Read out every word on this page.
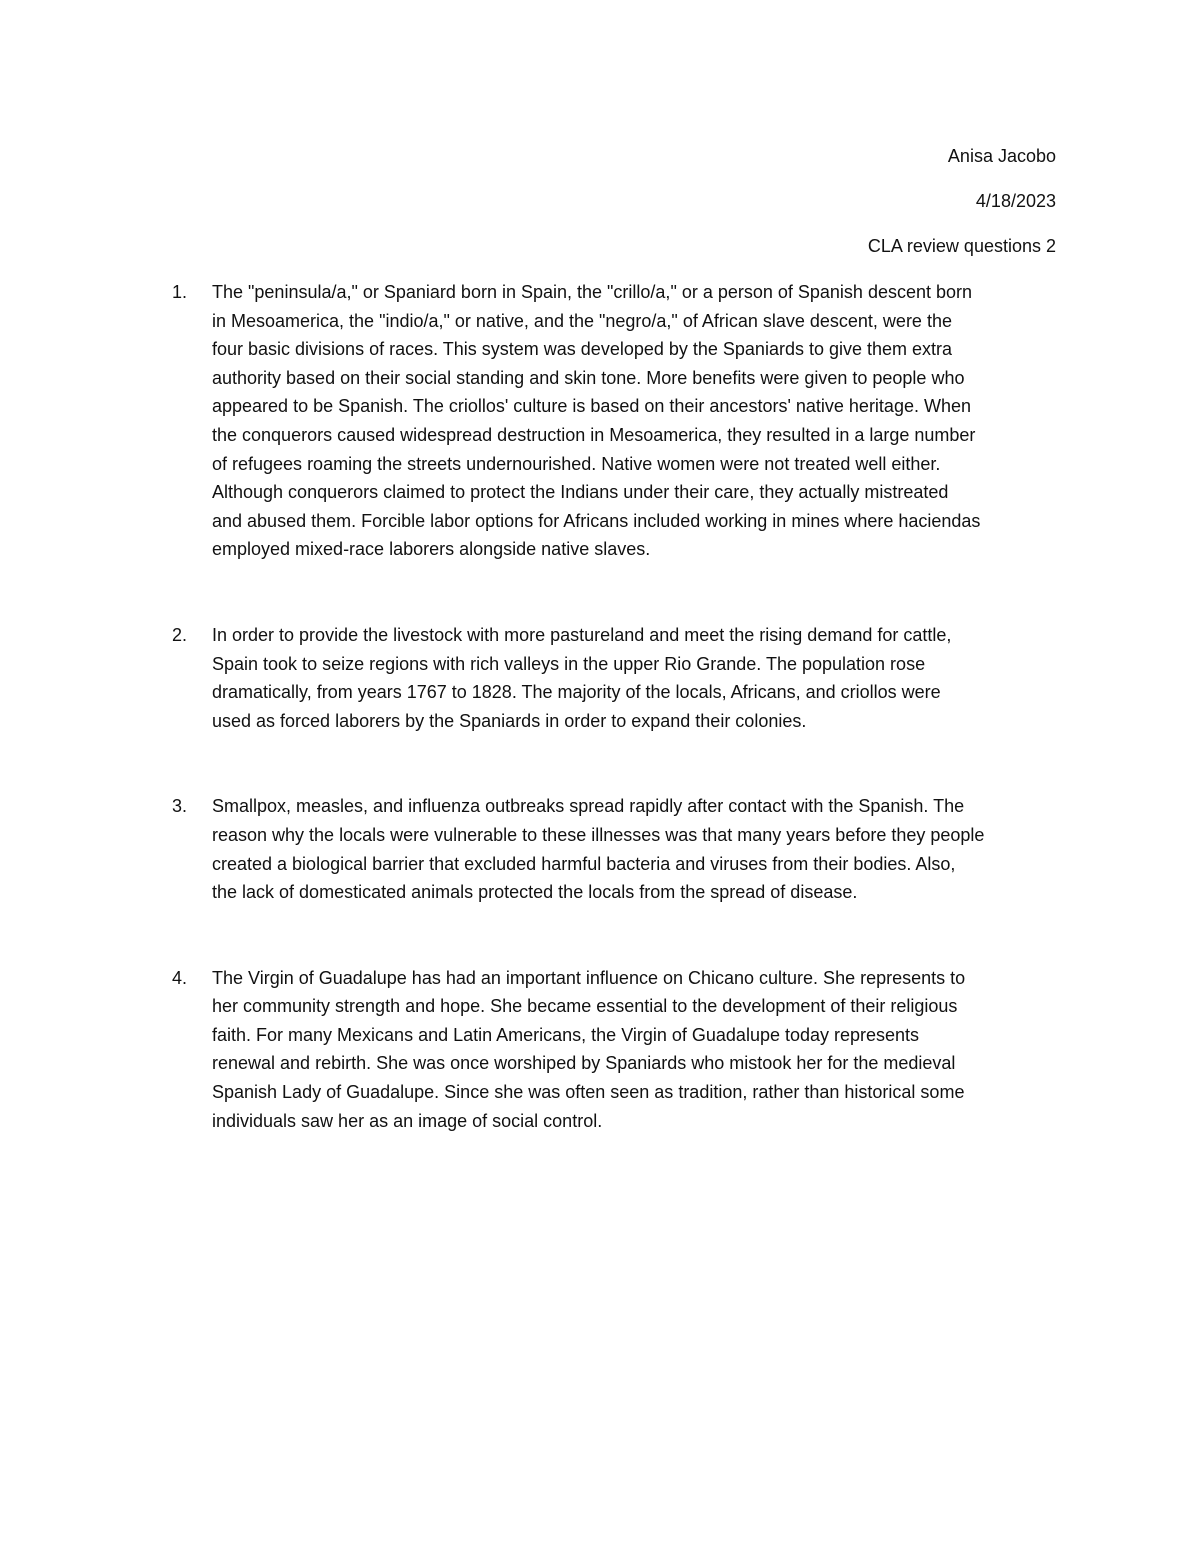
Anisa Jacobo
4/18/2023
CLA review questions 2
1. The "peninsula/a," or Spaniard born in Spain, the "crillo/a," or a person of Spanish descent born
in Mesoamerica, the "indio/a," or native, and the "negro/a," of African slave descent, were the
four basic divisions of races. This system was developed by the Spaniards to give them extra
authority based on their social standing and skin tone. More benefits were given to people who
appeared to be Spanish. The criollos' culture is based on their ancestors' native heritage. When
the conquerors caused widespread destruction in Mesoamerica, they resulted in a large number
of refugees roaming the streets undernourished. Native women were not treated well either.
Although conquerors claimed to protect the Indians under their care, they actually mistreated
and abused them. Forcible labor options for Africans included working in mines where haciendas
employed mixed-race laborers alongside native slaves.
2. In order to provide the livestock with more pastureland and meet the rising demand for cattle,
Spain took to seize regions with rich valleys in the upper Rio Grande. The population rose
dramatically, from years 1767 to 1828. The majority of the locals, Africans, and criollos were
used as forced laborers by the Spaniards in order to expand their colonies.
3. Smallpox, measles, and influenza outbreaks spread rapidly after contact with the Spanish. The
reason why the locals were vulnerable to these illnesses was that many years before they people
created a biological barrier that excluded harmful bacteria and viruses from their bodies. Also,
the lack of domesticated animals protected the locals from the spread of disease.
4. The Virgin of Guadalupe has had an important influence on Chicano culture. She represents to
her community strength and hope. She became essential to the development of their religious
faith. For many Mexicans and Latin Americans, the Virgin of Guadalupe today represents
renewal and rebirth. She was once worshiped by Spaniards who mistook her for the medieval
Spanish Lady of Guadalupe. Since she was often seen as tradition, rather than historical some
individuals saw her as an image of social control.
